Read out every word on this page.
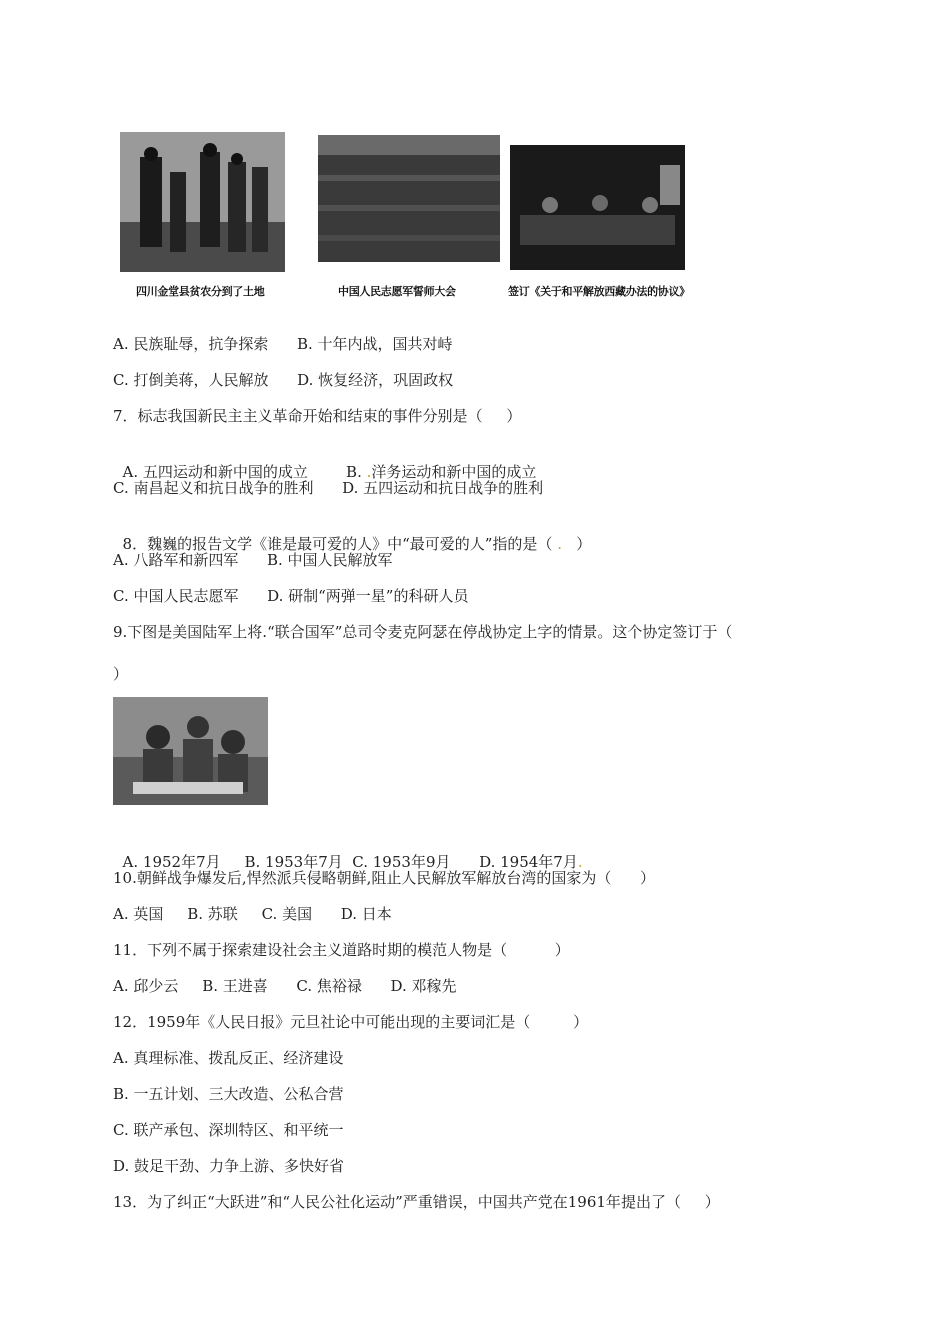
四川金堂县贫农分到了土地	中国人民志愿军誓师大会	签订《关于和平解放西藏办法的协议》
A. 民族耻辱，抗争探索      B. 十年内战，国共对峙
C. 打倒美蒋，人民解放      D. 恢复经济，巩固政权
7．标志我国新民主主义革命开始和结束的事件分别是（     ）

A. 五四运动和新中国的成立        B. .洋务运动和新中国的成立

C. 南昌起义和抗日战争的胜利      D. 五四运动和抗日战争的胜利

8．魏巍的报告文学《谁是最可爱的人》中“最可爱的人”指的是（ .   ）

A. 八路军和新四军      B. 中国人民解放军
C. 中国人民志愿军      D. 研制“两弹一星”的科研人员
9.下图是美国陆军上将.“联合国军”总司令麦克阿瑟在停战协定上字的情景。这个协定签订于（
）

A. 1952年7月     B. 1953年7月  C. 1953年9月      D. 1954年7月.

10.朝鲜战争爆发后,悍然派兵侵略朝鲜,阻止人民解放军解放台湾的国家为（      ）
A. 英国     B. 苏联     C. 美国      D. 日本
11．下列不属于探索建设社会主义道路时期的模范人物是（          ）
A. 邱少云     B. 王进喜      C. 焦裕禄      D. 邓稼先
12．1959年《人民日报》元旦社论中可能出现的主要词汇是（         ）
A. 真理标准、拨乱反正、经济建设
B. 一五计划、三大改造、公私合营
C. 联产承包、深圳特区、和平统一
D. 鼓足干劲、力争上游、多快好省
13．为了纠正“大跃进”和“人民公社化运动”严重错误，中国共产党在1961年提出了（     ）
